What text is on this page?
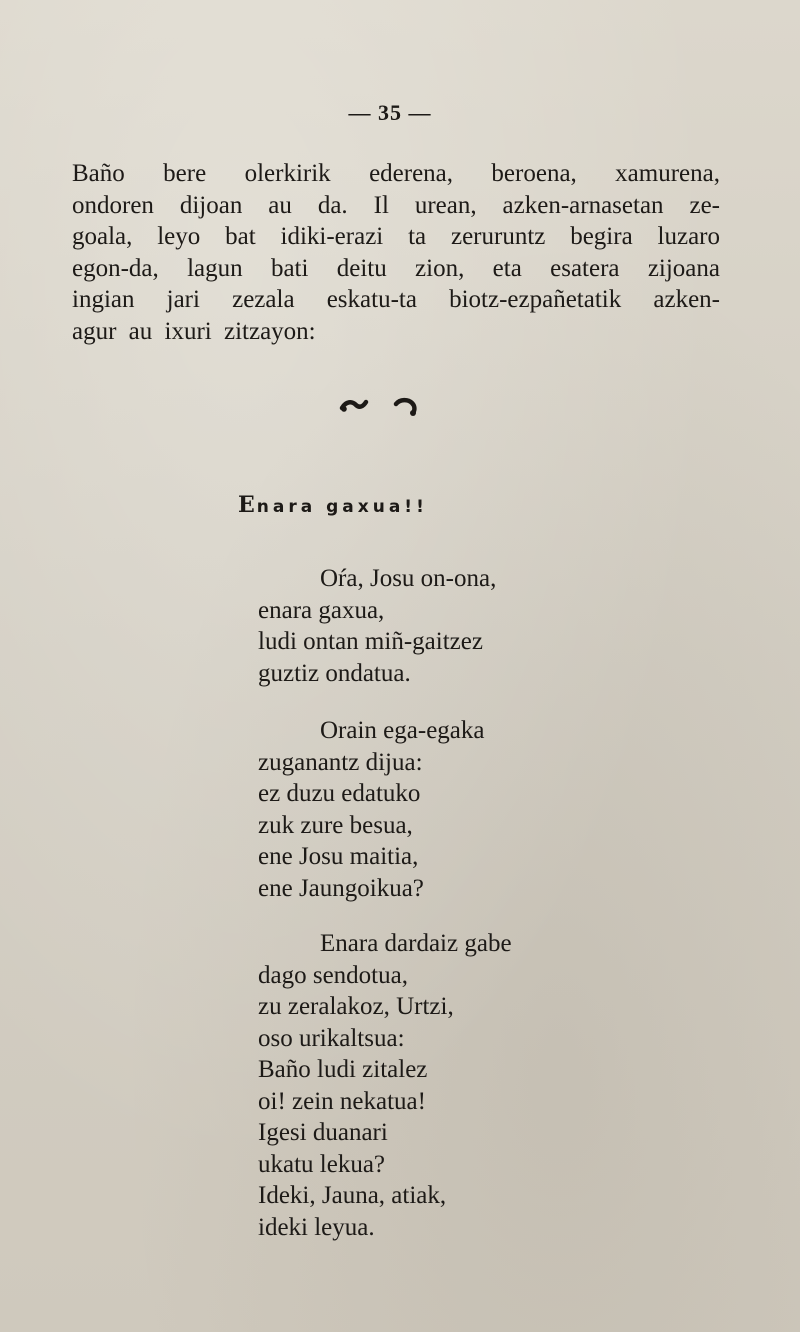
— 35 —
Baño bere olerkirik ederena, beroena, xamurena,
ondoren dijoan au da. Il urean, azken-arnasetan ze-
goala, leyo bat idiki-erazi ta zeruruntz begira luzaro
egon-da, lagun bati deitu zion, eta esatera zijoana
ingian jari zezala eskatu-ta biotz-ezpañetatik azken-
agur au ixuri zitzayon:
Enara gaxua!!
Oŕa, Josu on-ona,
enara gaxua,
ludi ontan miñ-gaitzez
guztiz ondatua.
Orain ega-egaka
zuganantz dijua:
ez duzu edatuko
zuk zure besua,
ene Josu maitia,
ene Jaungoikua?
Enara dardaiz gabe
dago sendotua,
zu zeralakoz, Urtzi,
oso urikaltsua:
Baño ludi zitalez
oi! zein nekatua!
Igesi duanari
ukatu lekua?
Ideki, Jauna, atiak,
ideki leyua.
